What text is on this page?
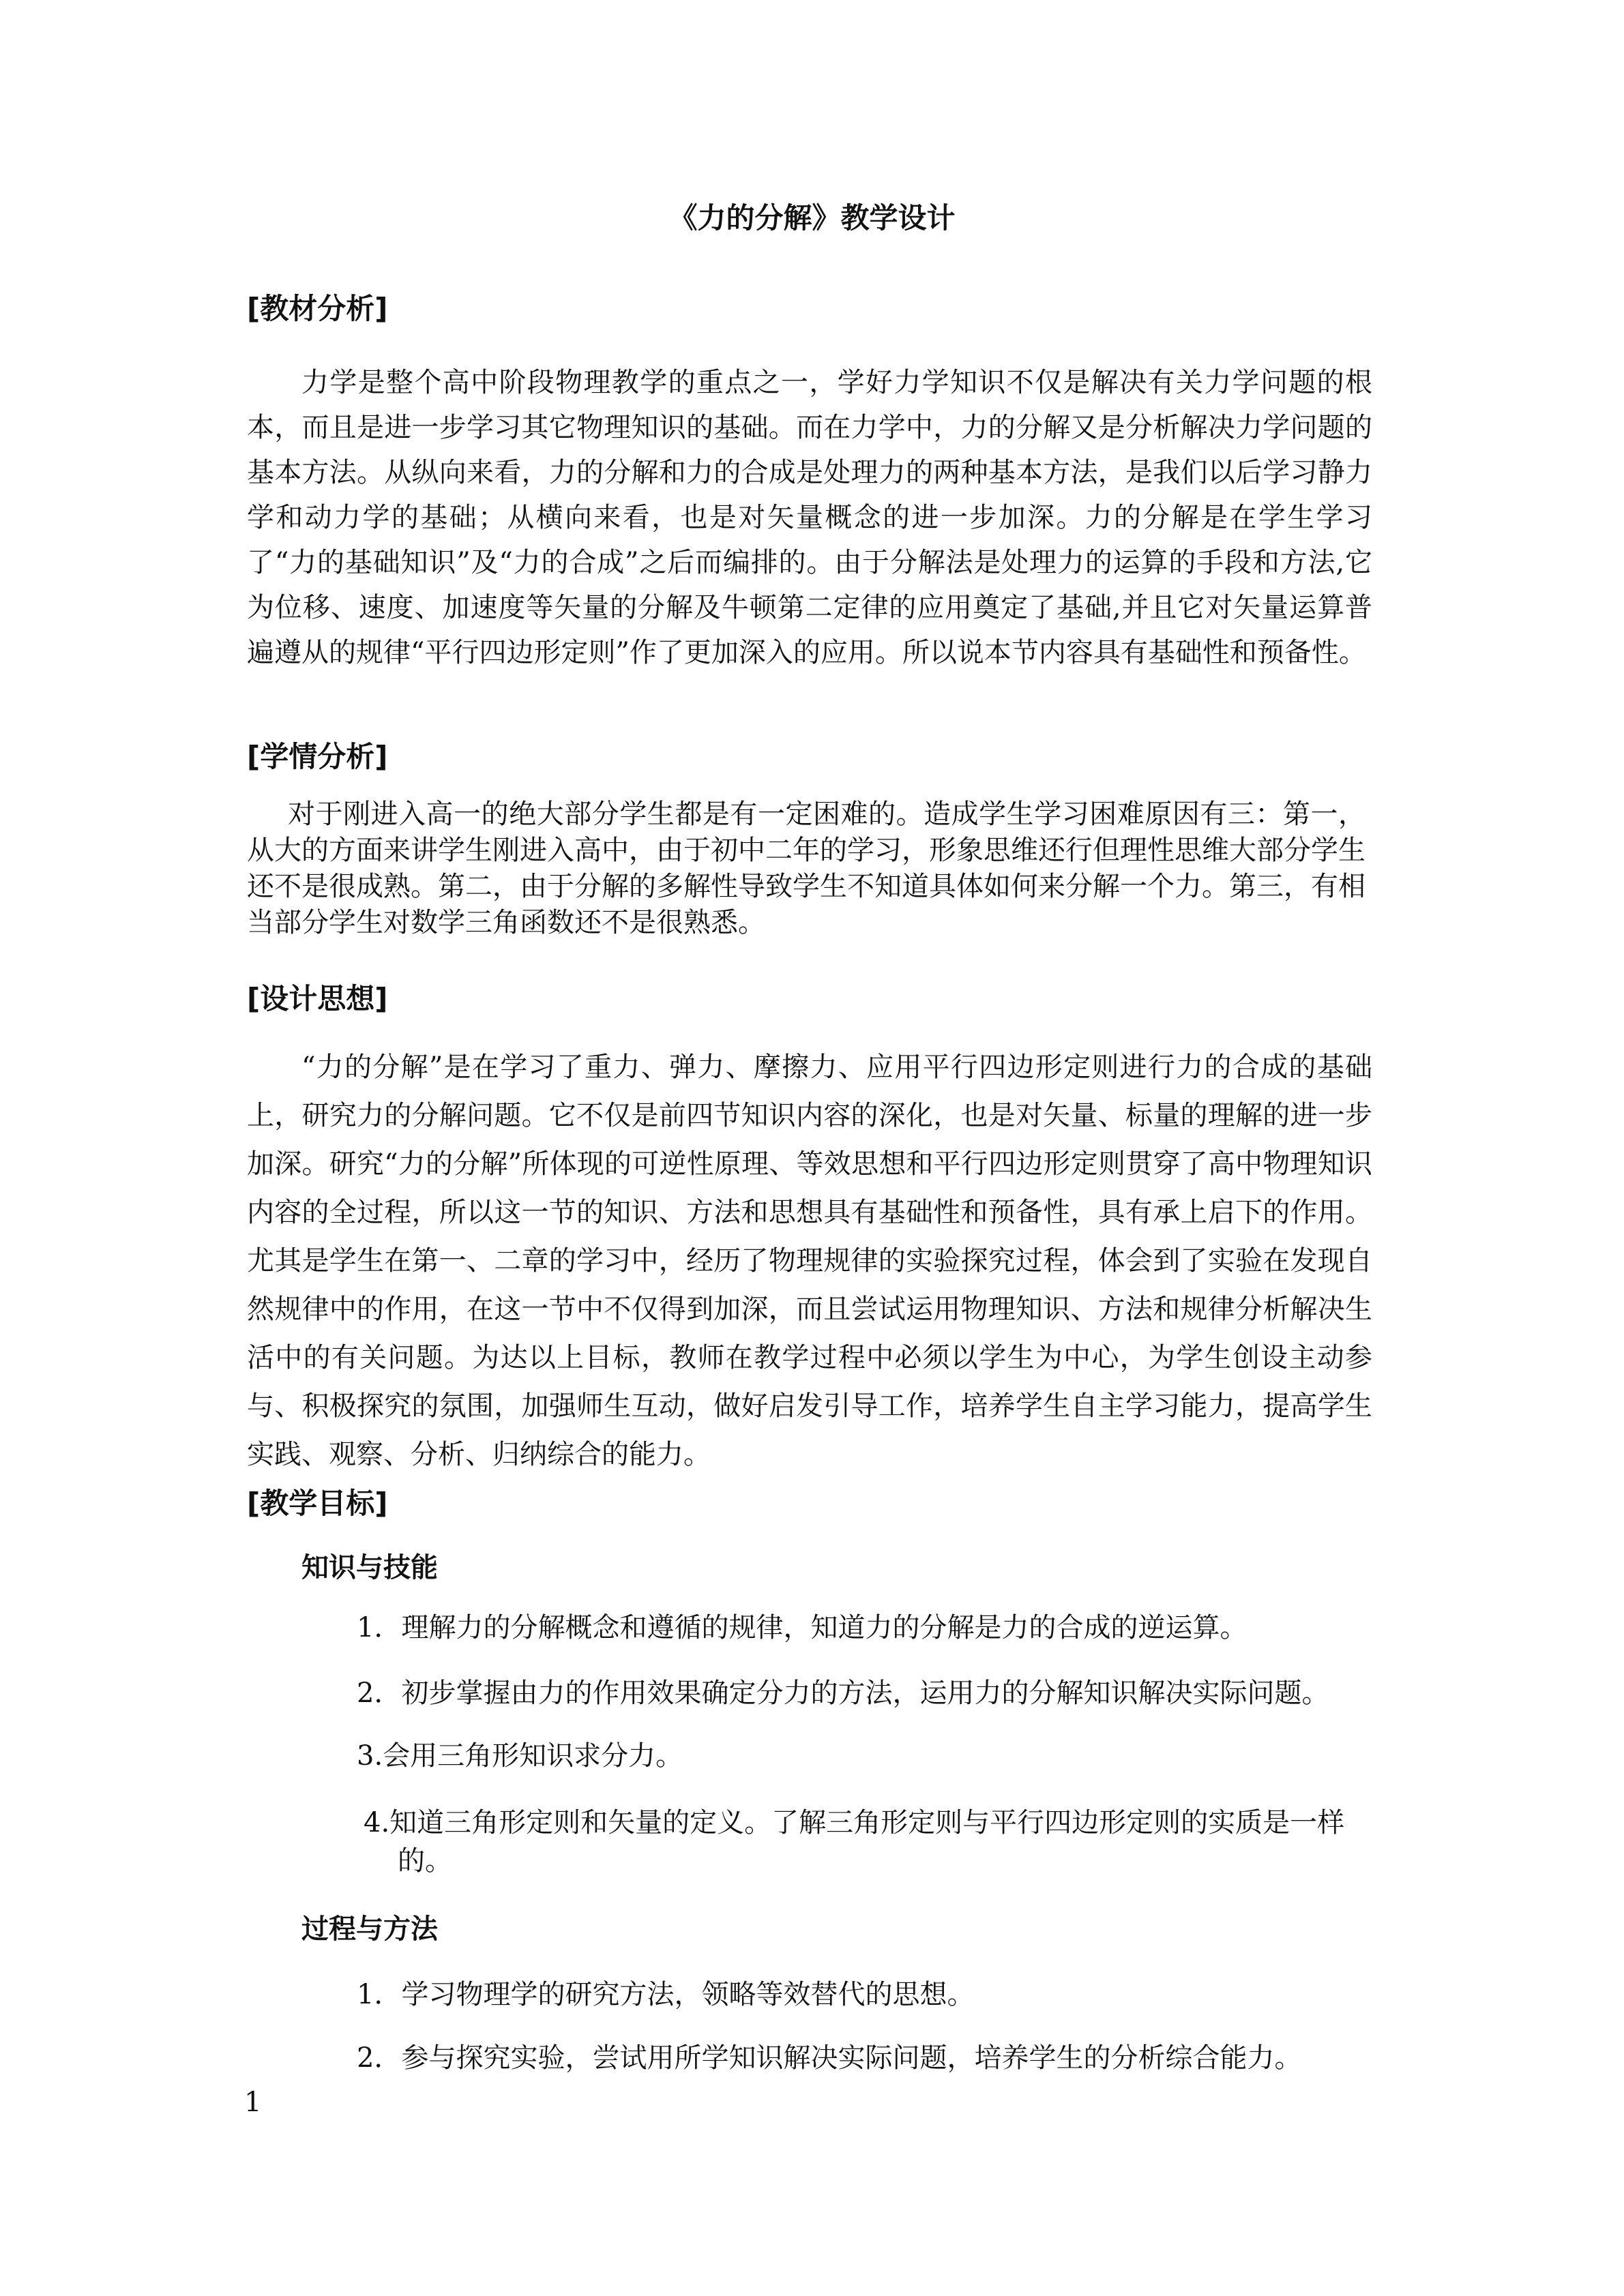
《力的分解》教学设计
[教材分析]

力学是整个高中阶段物理教学的重点之一，学好力学知识不仅是解决有关力学问题的根本，而且是进一步学习其它物理知识的基础。而在力学中，力的分解又是分析解决力学问题的基本方法。从纵向来看，力的分解和力的合成是处理力的两种基本方法，是我们以后学习静力学和动力学的基础；从横向来看，也是对矢量概念的进一步加深。力的分解是在学生学习了“力的基础知识”及“力的合成”之后而编排的。由于分解法是处理力的运算的手段和方法,它为位移、速度、加速度等矢量的分解及牛顿第二定律的应用奠定了基础,并且它对矢量运算普遍遵从的规律“平行四边形定则”作了更加深入的应用。所以说本节内容具有基础性和预备性。

[学情分析]

对于刚进入高一的绝大部分学生都是有一定困难的。造成学生学习困难原因有三：第一，从大的方面来讲学生刚进入高中，由于初中二年的学习，形象思维还行但理性思维大部分学生还不是很成熟。第二，由于分解的多解性导致学生不知道具体如何来分解一个力。第三，有相当部分学生对数学三角函数还不是很熟悉。

[设计思想]

“力的分解”是在学习了重力、弹力、摩擦力、应用平行四边形定则进行力的合成的基础上，研究力的分解问题。它不仅是前四节知识内容的深化，也是对矢量、标量的理解的进一步加深。研究“力的分解”所体现的可逆性原理、等效思想和平行四边形定则贯穿了高中物理知识内容的全过程，所以这一节的知识、方法和思想具有基础性和预备性，具有承上启下的作用。尤其是学生在第一、二章的学习中，经历了物理规律的实验探究过程，体会到了实验在发现自然规律中的作用，在这一节中不仅得到加深，而且尝试运用物理知识、方法和规律分析解决生活中的有关问题。为达以上目标，教师在教学过程中必须以学生为中心，为学生创设主动参与、积极探究的氛围，加强师生互动，做好启发引导工作，培养学生自主学习能力，提高学生实践、观察、分析、归纳综合的能力。

[教学目标]
知识与技能
1．理解力的分解概念和遵循的规律，知道力的分解是力的合成的逆运算。
2．初步掌握由力的作用效果确定分力的方法，运用力的分解知识解决实际问题。
3.会用三角形知识求分力。
4.知道三角形定则和矢量的定义。了解三角形定则与平行四边形定则的实质是一样的。
过程与方法
1．学习物理学的研究方法，领略等效替代的思想。
2．参与探究实验，尝试用所学知识解决实际问题，培养学生的分析综合能力。
1
